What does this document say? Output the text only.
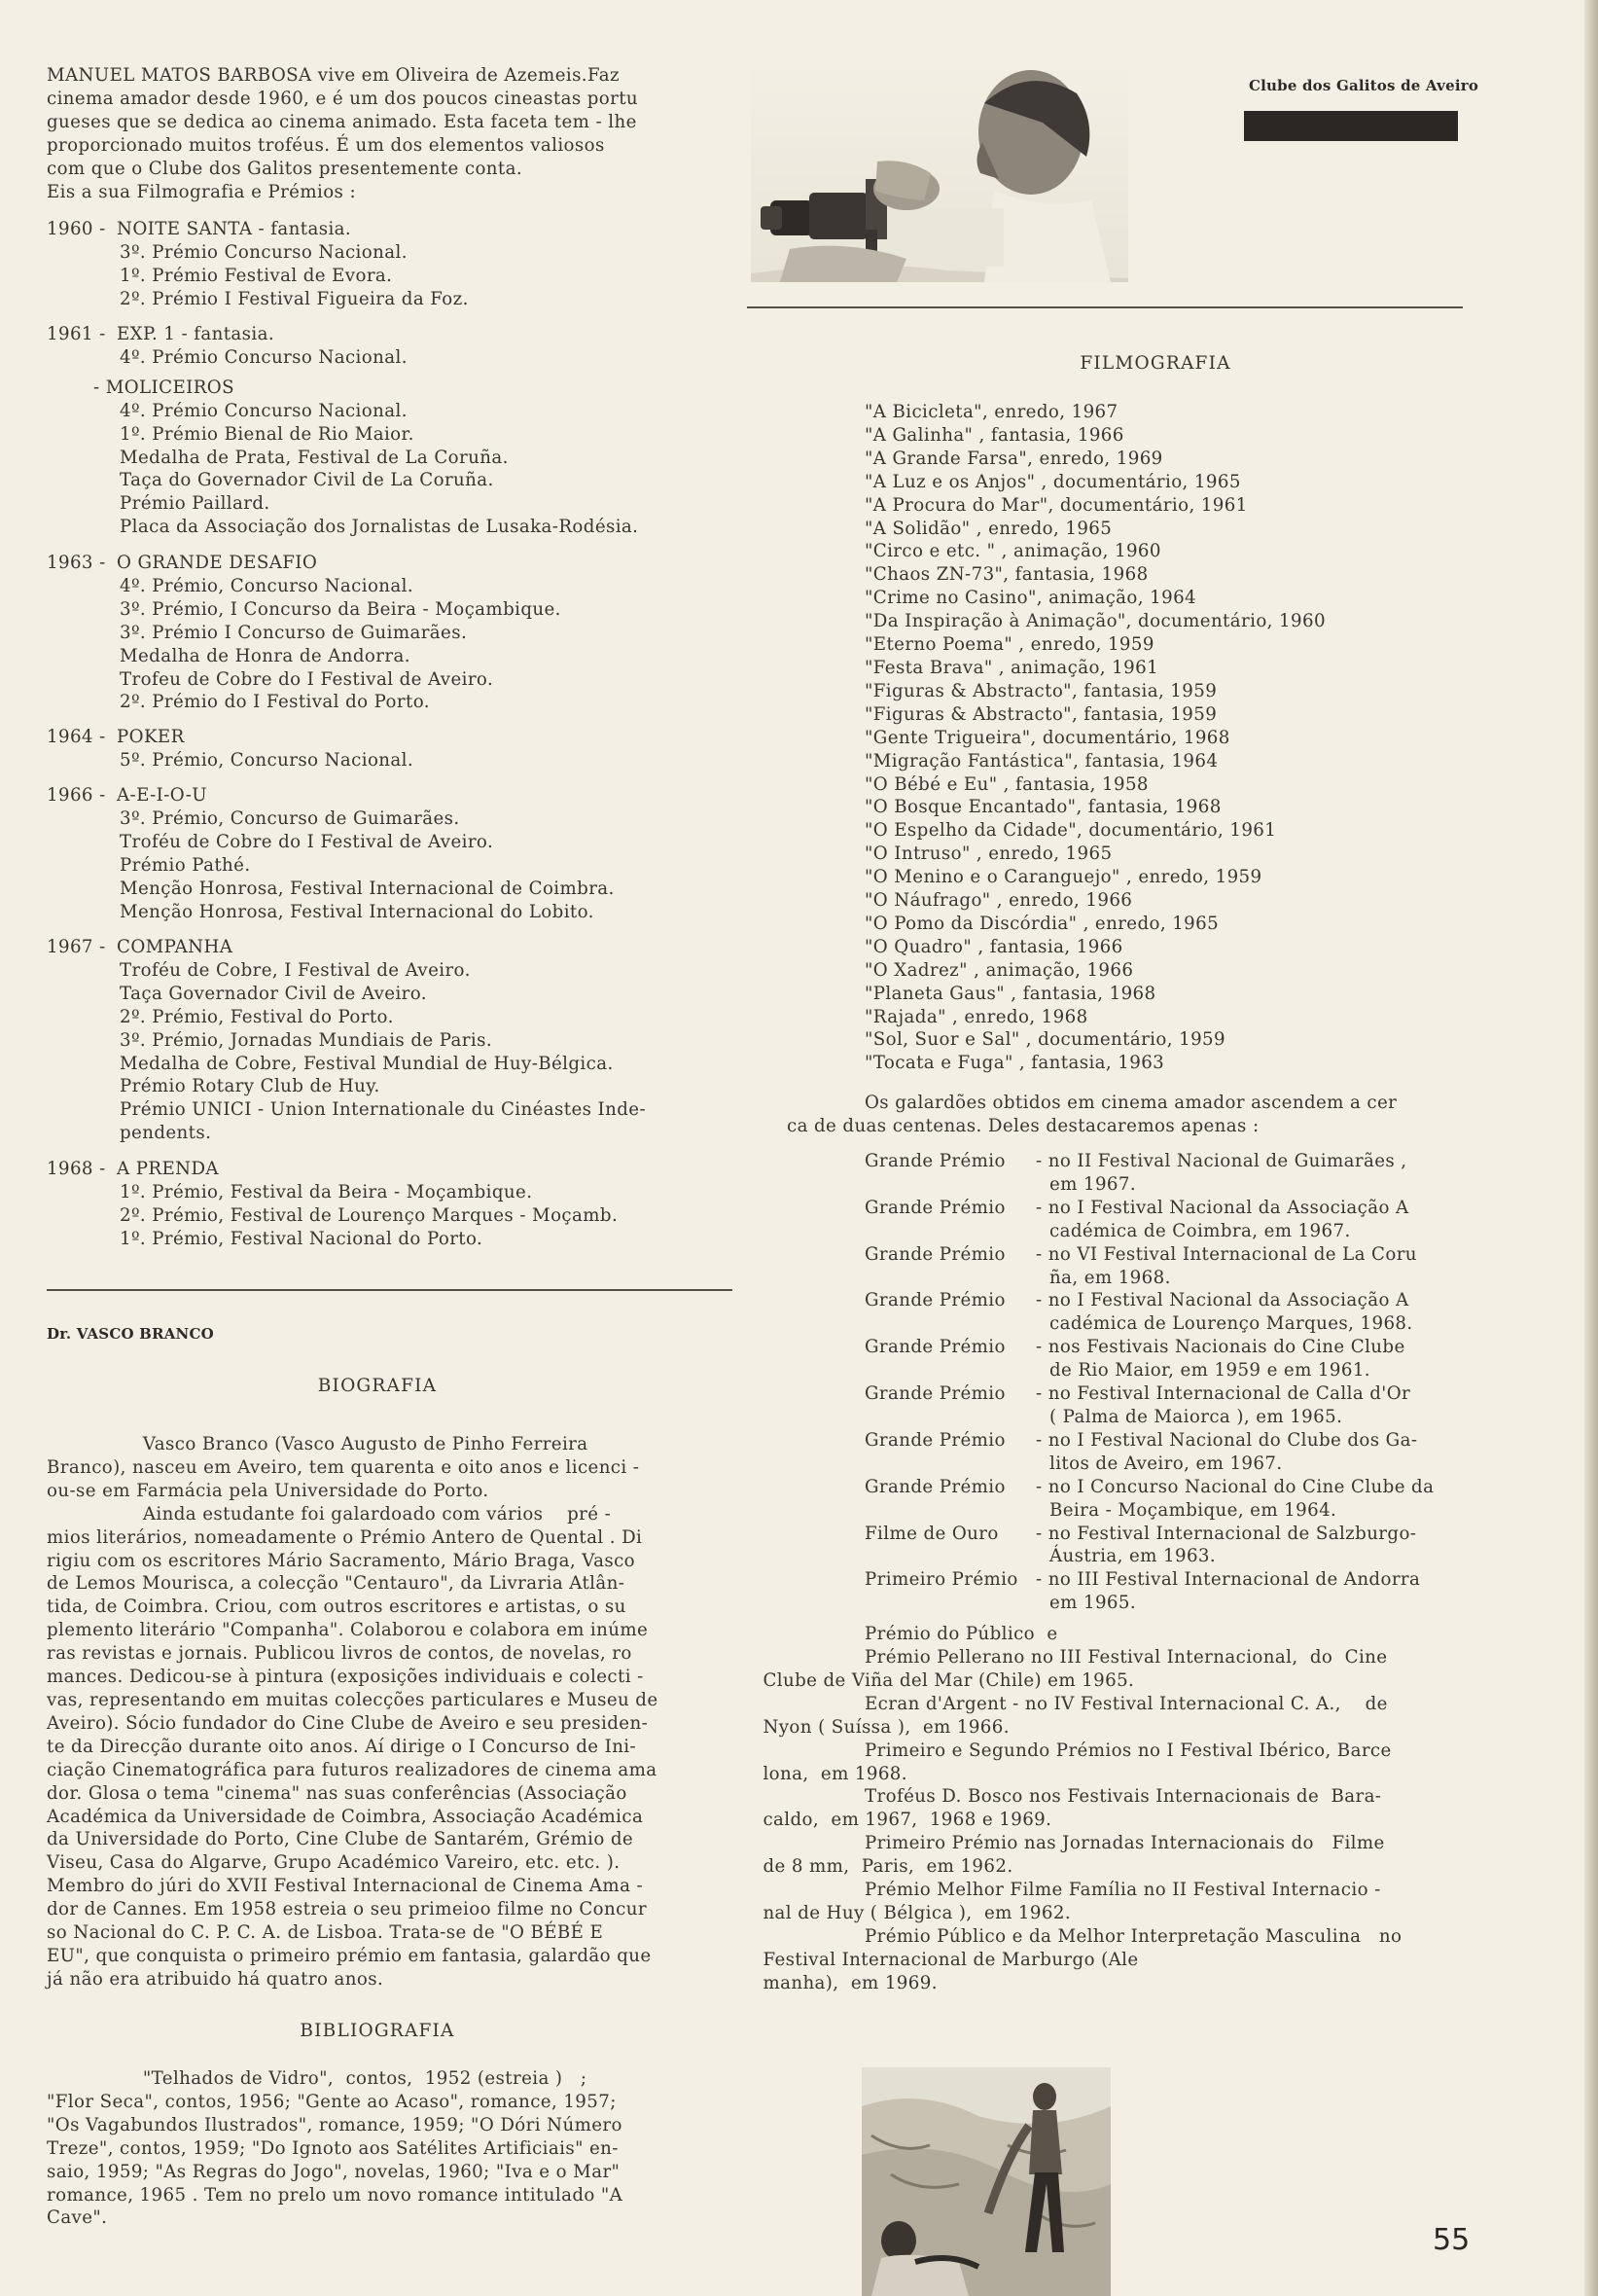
Clube dos Galitos de Aveiro
MANUEL MATOS BARBOSA vive em Oliveira de Azemeis.Faz
cinema amador desde 1960, e é um dos poucos cineastas portu
gueses que se dedica ao cinema animado. Esta faceta tem - lhe
proporcionado muitos troféus. É um dos elementos valiosos
com que o Clube dos Galitos presentemente conta.
Eis a sua Filmografia e Prémios :
1960 - NOITE SANTA - fantasia.
3º. Prémio Concurso Nacional.
1º. Prémio Festival de Evora.
2º. Prémio I Festival Figueira da Foz.
1961 - EXP. 1 - fantasia.
4º. Prémio Concurso Nacional.
- MOLICEIROS
4º. Prémio Concurso Nacional.
1º. Prémio Bienal de Rio Maior.
Medalha de Prata, Festival de La Coruña.
Taça do Governador Civil de La Coruña.
Prémio Paillard.
Placa da Associação dos Jornalistas de Lusaka-Rodésia.
1963 - O GRANDE DESAFIO
4º. Prémio, Concurso Nacional.
3º. Prémio, I Concurso da Beira - Moçambique.
3º. Prémio I Concurso de Guimarães.
Medalha de Honra de Andorra.
Trofeu de Cobre do I Festival de Aveiro.
2º. Prémio do I Festival do Porto.
1964 - POKER
5º. Prémio, Concurso Nacional.
1966 - A-E-I-O-U
3º. Prémio, Concurso de Guimarães.
Troféu de Cobre do I Festival de Aveiro.
Prémio Pathé.
Menção Honrosa, Festival Internacional de Coimbra.
Menção Honrosa, Festival Internacional do Lobito.
1967 - COMPANHA
Troféu de Cobre, I Festival de Aveiro.
Taça Governador Civil de Aveiro.
2º. Prémio, Festival do Porto.
3º. Prémio, Jornadas Mundiais de Paris.
Medalha de Cobre, Festival Mundial de Huy-Bélgica.
Prémio Rotary Club de Huy.
Prémio UNICI - Union Internationale du Cinéastes Inde-
pendents.
1968 - A PRENDA
1º. Prémio, Festival da Beira - Moçambique.
2º. Prémio, Festival de Lourenço Marques - Moçamb.
1º. Prémio, Festival Nacional do Porto.
FILMOGRAFIA
"A Bicicleta", enredo, 1967
"A Galinha" , fantasia, 1966
"A Grande Farsa", enredo, 1969
"A Luz e os Anjos" , documentário, 1965
"A Procura do Mar", documentário, 1961
"A Solidão" , enredo, 1965
"Circo e etc. " , animação, 1960
"Chaos ZN-73", fantasia, 1968
"Crime no Casino", animação, 1964
"Da Inspiração à Animação", documentário, 1960
"Eterno Poema" , enredo, 1959
"Festa Brava" , animação, 1961
"Figuras & Abstracto", fantasia, 1959
"Figuras & Abstracto", fantasia, 1959
"Gente Trigueira", documentário, 1968
"Migração Fantástica", fantasia, 1964
"O Bébé e Eu" , fantasia, 1958
"O Bosque Encantado", fantasia, 1968
"O Espelho da Cidade", documentário, 1961
"O Intruso" , enredo, 1965
"O Menino e o Caranguejo" , enredo, 1959
"O Náufrago" , enredo, 1966
"O Pomo da Discórdia" , enredo, 1965
"O Quadro" , fantasia, 1966
"O Xadrez" , animação, 1966
"Planeta Gaus" , fantasia, 1968
"Rajada" , enredo, 1968
"Sol, Suor e Sal" , documentário, 1959
"Tocata e Fuga" , fantasia, 1963
Os galardões obtidos em cinema amador ascendem a cer
ca de duas centenas. Deles destacaremos apenas :
Grande Prémio	- no II Festival Nacional de Guimarães ,
em 1967.
Grande Prémio	- no I Festival Nacional da Associação A
cadémica de Coimbra, em 1967.
Grande Prémio	- no VI Festival Internacional de La Coru
ña, em 1968.
Grande Prémio	- no I Festival Nacional da Associação A
cadémica de Lourenço Marques, 1968.
Grande Prémio	- nos Festivais Nacionais do Cine Clube
de Rio Maior, em 1959 e em 1961.
Grande Prémio	- no Festival Internacional de Calla d'Or
( Palma de Maiorca ), em 1965.
Grande Prémio	- no I Festival Nacional do Clube dos Ga-
litos de Aveiro, em 1967.
Grande Prémio	- no I Concurso Nacional do Cine Clube da
Beira - Moçambique, em 1964.
Filme de Ouro	- no Festival Internacional de Salzburgo-
Áustria, em 1963.
Primeiro Prémio	- no III Festival Internacional de Andorra
em 1965.
Prémio do Público  e
Prémio Pellerano no III Festival Internacional,  do  Cine
Clube de Viña del Mar (Chile) em 1965.
Ecran d'Argent - no IV Festival Internacional C. A.,    de
Nyon ( Suíssa ),  em 1966.
Primeiro e Segundo Prémios no I Festival Ibérico, Barce
lona,  em 1968.
Troféus D. Bosco nos Festivais Internacionais de  Bara-
caldo,  em 1967,  1968 e 1969.
Primeiro Prémio nas Jornadas Internacionais do   Filme
de 8 mm,  Paris,  em 1962.
Prémio Melhor Filme Família no II Festival Internacio -
nal de Huy ( Bélgica ),  em 1962.
Prémio Público e da Melhor Interpretação Masculina   no
Festival Internacional de Marburgo (Ale
manha),  em 1969.
Dr. VASCO BRANCO
BIOGRAFIA
Vasco Branco (Vasco Augusto de Pinho Ferreira
Branco), nasceu em Aveiro, tem quarenta e oito anos e licenci -
ou-se em Farmácia pela Universidade do Porto.
Ainda estudante foi galardoado com vários    pré -
mios literários, nomeadamente o Prémio Antero de Quental . Di
rigiu com os escritores Mário Sacramento, Mário Braga, Vasco
de Lemos Mourisca, a colecção "Centauro", da Livraria Atlân-
tida, de Coimbra. Criou, com outros escritores e artistas, o su
plemento literário "Companha". Colaborou e colabora em inúme
ras revistas e jornais. Publicou livros de contos, de novelas, ro
mances. Dedicou-se à pintura (exposições individuais e colecti -
vas, representando em muitas colecções particulares e Museu de
Aveiro). Sócio fundador do Cine Clube de Aveiro e seu presiden-
te da Direcção durante oito anos. Aí dirige o I Concurso de Ini-
ciação Cinematográfica para futuros realizadores de cinema ama
dor. Glosa o tema "cinema" nas suas conferências (Associação
Académica da Universidade de Coimbra, Associação Académica
da Universidade do Porto, Cine Clube de Santarém, Grémio de
Viseu, Casa do Algarve, Grupo Académico Vareiro, etc. etc. ).
Membro do júri do XVII Festival Internacional de Cinema Ama -
dor de Cannes. Em 1958 estreia o seu primeioo filme no Concur
so Nacional do C. P. C. A. de Lisboa. Trata-se de "O BÉBÉ E
EU", que conquista o primeiro prémio em fantasia, galardão que
já não era atribuido há quatro anos.
BIBLIOGRAFIA
"Telhados de Vidro",  contos,  1952 (estreia )   ;
"Flor Seca", contos, 1956; "Gente ao Acaso", romance, 1957;
"Os Vagabundos Ilustrados", romance, 1959; "O Dóri Número
Treze", contos, 1959; "Do Ignoto aos Satélites Artificiais" en-
saio, 1959; "As Regras do Jogo", novelas, 1960; "Iva e o Mar"
romance, 1965 . Tem no prelo um novo romance intitulado "A
Cave".
55
